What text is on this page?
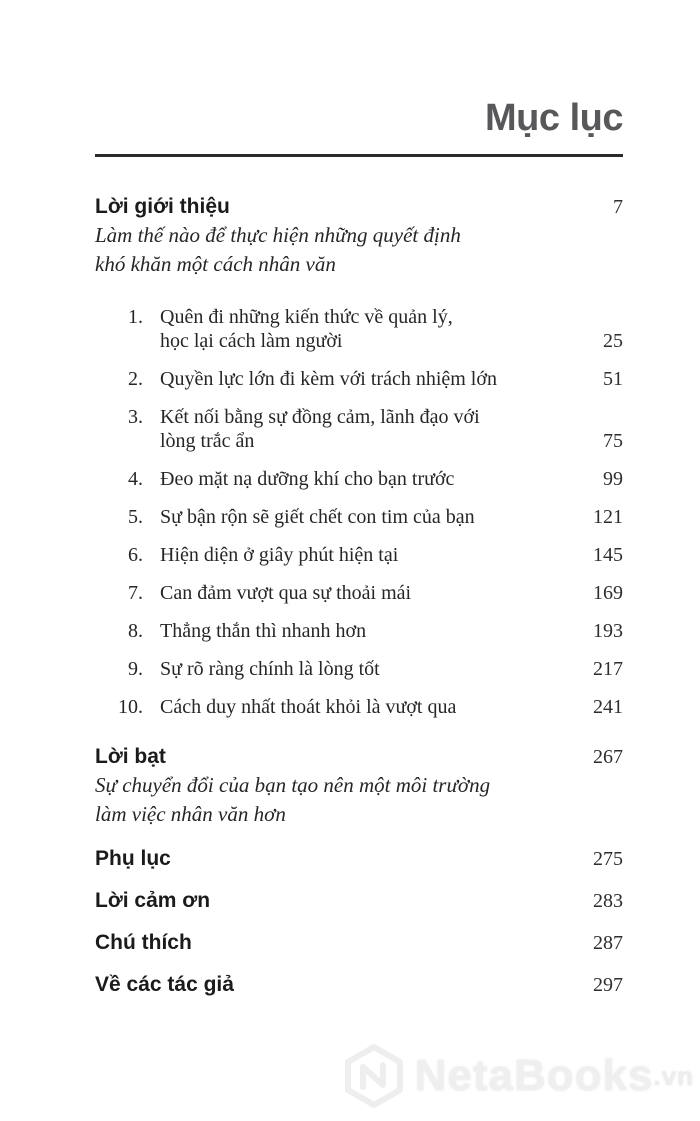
Mục lục
Lời giới thiệu	7
Làm thế nào để thực hiện những quyết định
khó khăn một cách nhân văn
1. Quên đi những kiến thức về quản lý,
học lại cách làm người	25
2. Quyền lực lớn đi kèm với trách nhiệm lớn	51
3. Kết nối bằng sự đồng cảm, lãnh đạo với
lòng trắc ẩn	75
4. Đeo mặt nạ dưỡng khí cho bạn trước	99
5. Sự bận rộn sẽ giết chết con tim của bạn	121
6. Hiện diện ở giây phút hiện tại	145
7. Can đảm vượt qua sự thoải mái	169
8. Thẳng thắn thì nhanh hơn	193
9. Sự rõ ràng chính là lòng tốt	217
10. Cách duy nhất thoát khỏi là vượt qua	241
Lời bạt	267
Sự chuyển đổi của bạn tạo nên một môi trường
làm việc nhân văn hơn
Phụ lục	275
Lời cảm ơn	283
Chú thích	287
Về các tác giả	297
NetaBooks .vn
